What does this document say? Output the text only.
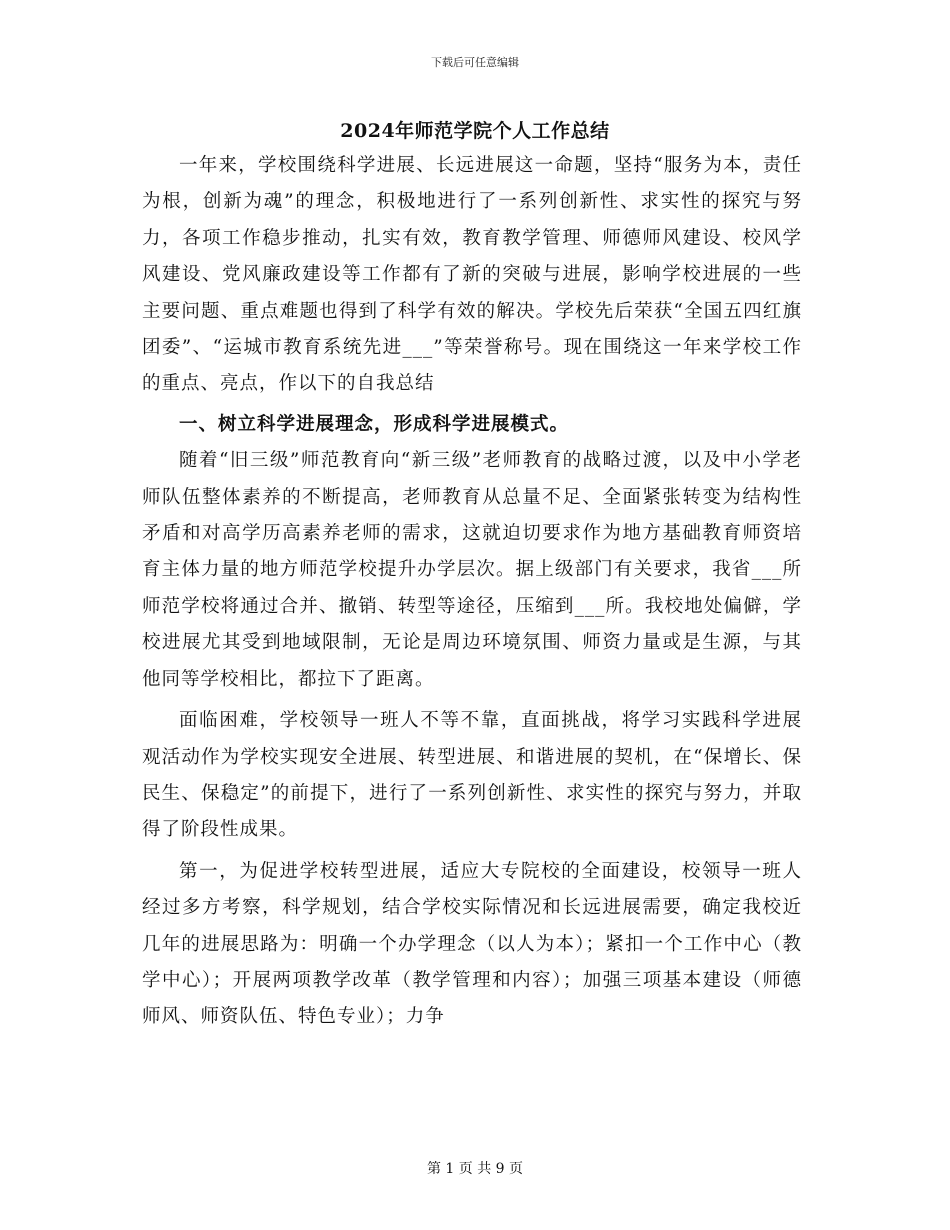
下载后可任意编辑
2024年师范学院个人工作总结

一年来，学校围绕科学进展、长远进展这一命题，坚持“服务为本，责任为根，创新为魂”的理念，积极地进行了一系列创新性、求实性的探究与努力，各项工作稳步推动，扎实有效，教育教学管理、师德师风建设、校风学风建设、党风廉政建设等工作都有了新的突破与进展，影响学校进展的一些主要问题、重点难题也得到了科学有效的解决。学校先后荣获“全国五四红旗团委”、“运城市教育系统先进___”等荣誉称号。现在围绕这一年来学校工作的重点、亮点，作以下的自我总结

一、树立科学进展理念，形成科学进展模式。

随着“旧三级”师范教育向“新三级”老师教育的战略过渡，以及中小学老师队伍整体素养的不断提高，老师教育从总量不足、全面紧张转变为结构性矛盾和对高学历高素养老师的需求，这就迫切要求作为地方基础教育师资培育主体力量的地方师范学校提升办学层次。据上级部门有关要求，我省___所师范学校将通过合并、撤销、转型等途径，压缩到___所。我校地处偏僻，学校进展尤其受到地域限制，无论是周边环境氛围、师资力量或是生源，与其他同等学校相比，都拉下了距离。

面临困难，学校领导一班人不等不靠，直面挑战，将学习实践科学进展观活动作为学校实现安全进展、转型进展、和谐进展的契机，在“保增长、保民生、保稳定”的前提下，进行了一系列创新性、求实性的探究与努力，并取得了阶段性成果。

第一，为促进学校转型进展，适应大专院校的全面建设，校领导一班人经过多方考察，科学规划，结合学校实际情况和长远进展需要，确定我校近几年的进展思路为：明确一个办学理念（以人为本）；紧扣一个工作中心（教学中心）；开展两项教学改革（教学管理和内容）；加强三项基本建设（师德师风、师资队伍、特色专业）；力争

第 1 页 共 9 页
